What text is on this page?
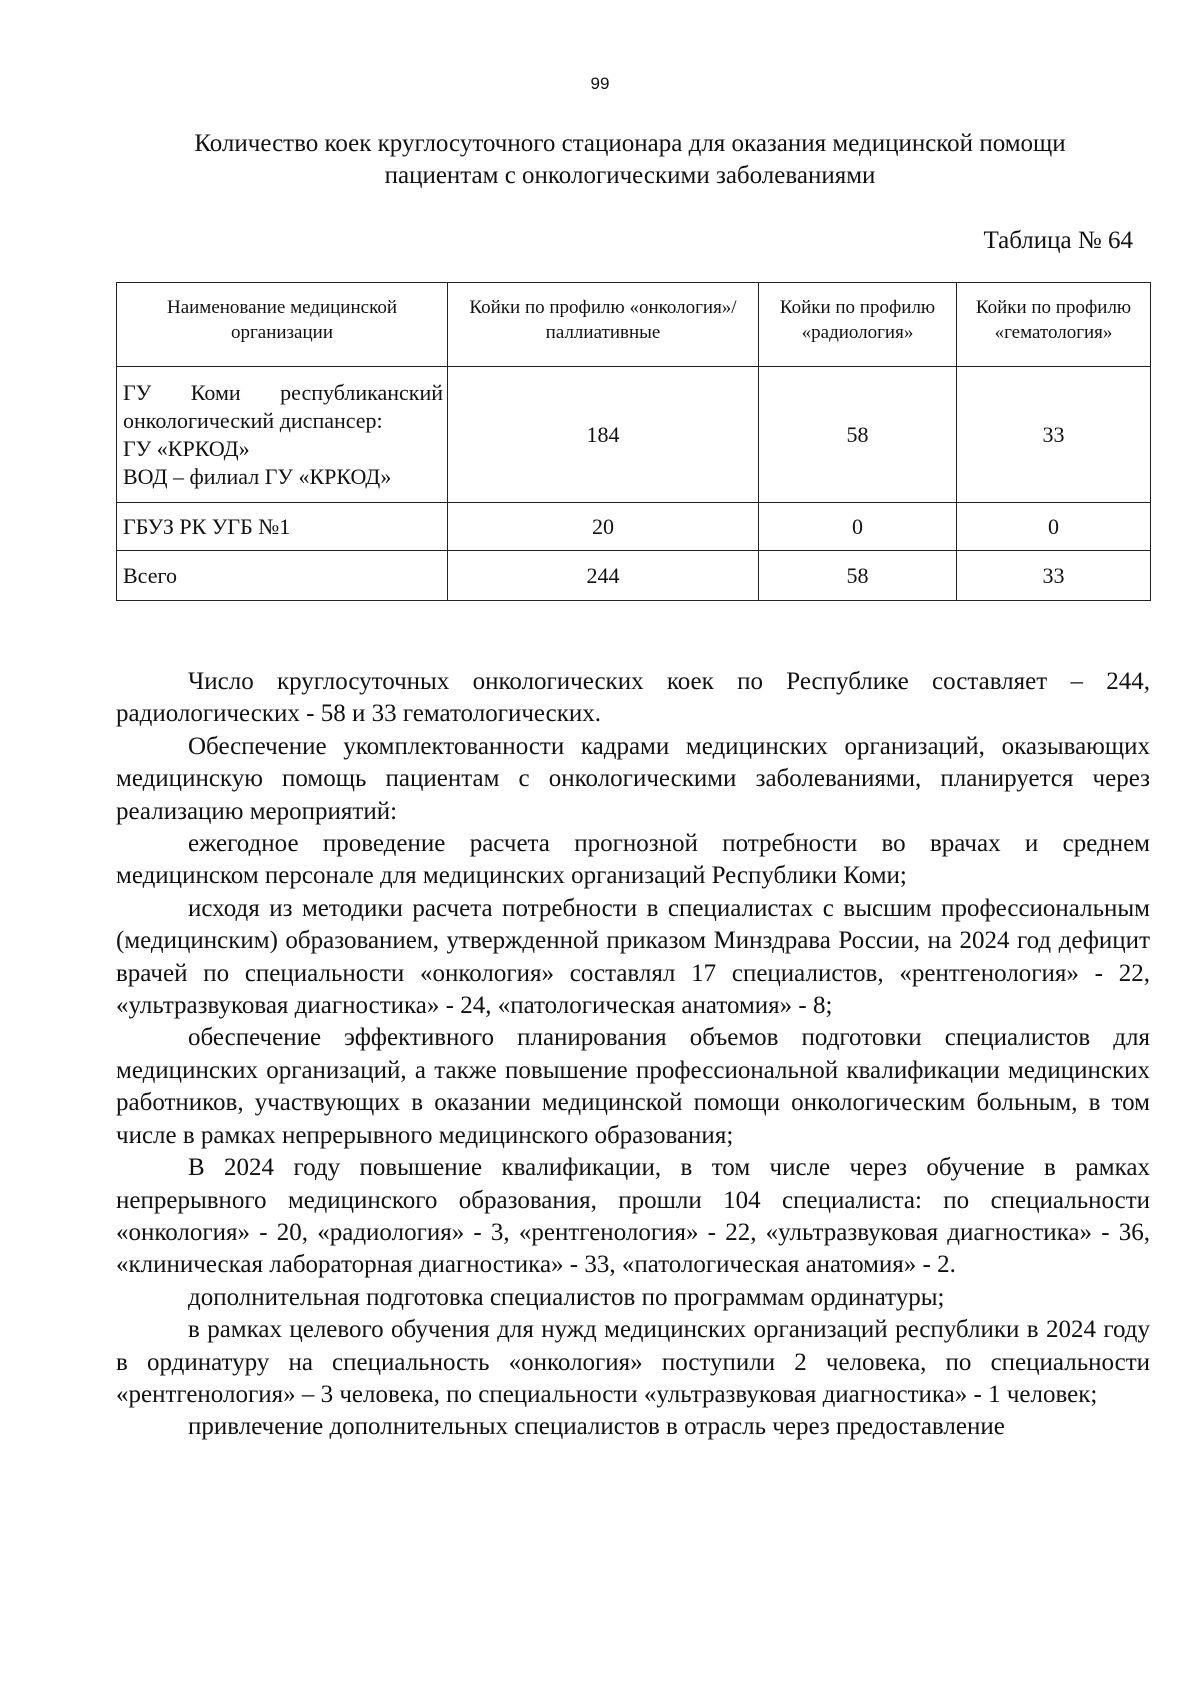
99
Количество коек круглосуточного стационара для оказания медицинской помощи
пациентам с онкологическими заболеваниями
Таблица № 64
Наименование медицинской организации	Койки по профилю «онкология»/паллиативные	Койки по профилю «радиология»	Койки по профилю «гематология»

ГУ Коми республиканский
онкологический диспансер:
ГУ «КРКОД»
ВОД – филиал ГУ «КРКОД»	184	58	33

ГБУЗ РК УГБ №1	20	0	0

Всего	244	58	33

Число круглосуточных онкологических коек по Республике составляет – 244, радиологических - 58 и 33 гематологических.

Обеспечение укомплектованности кадрами медицинских организаций, оказывающих медицинскую помощь пациентам с онкологическими заболеваниями, планируется через реализацию мероприятий:

ежегодное проведение расчета прогнозной потребности во врачах и среднем медицинском персонале для медицинских организаций Республики Коми;

исходя из методики расчета потребности в специалистах с высшим профессиональным (медицинским) образованием, утвержденной приказом Минздрава России, на 2024 год дефицит врачей по специальности «онкология» составлял 17 специалистов, «рентгенология» - 22, «ультразвуковая диагностика» - 24, «патологическая анатомия» - 8;

обеспечение эффективного планирования объемов подготовки специалистов для медицинских организаций, а также повышение профессиональной квалификации медицинских работников, участвующих в оказании медицинской помощи онкологическим больным, в том числе в рамках непрерывного медицинского образования;

В 2024 году повышение квалификации, в том числе через обучение в рамках непрерывного медицинского образования, прошли 104 специалиста: по специальности «онкология» - 20, «радиология» - 3, «рентгенология» - 22, «ультразвуковая диагностика» - 36, «клиническая лабораторная диагностика» - 33, «патологическая анатомия» - 2.

дополнительная подготовка специалистов по программам ординатуры;

в рамках целевого обучения для нужд медицинских организаций республики в 2024 году в ординатуру на специальность «онкология» поступили 2 человека, по специальности «рентгенология» – 3 человека, по специальности «ультразвуковая диагностика» - 1 человек;

привлечение дополнительных специалистов в отрасль через предоставление
